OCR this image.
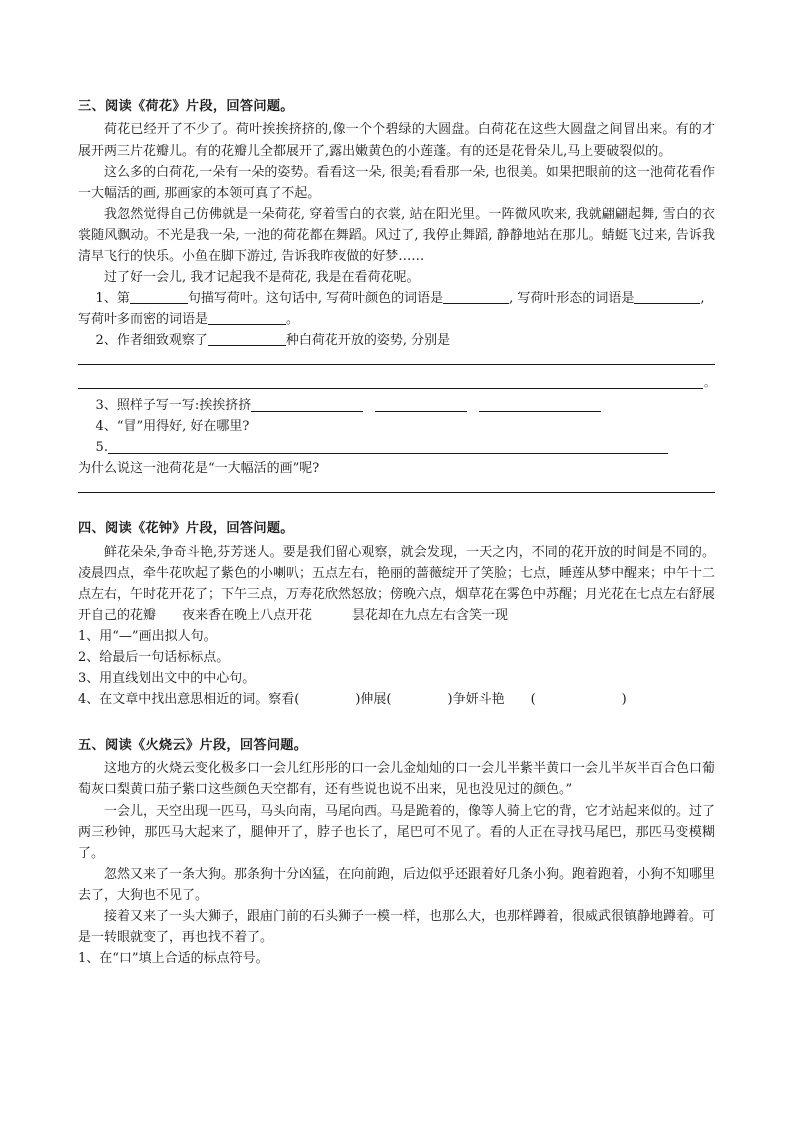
三、阅读《荷花》片段，回答问题。

荷花已经开了不少了。荷叶挨挨挤挤的,像一个个碧绿的大圆盘。白荷花在这些大圆盘之间冒出来。有的才展开两三片花瓣儿。有的花瓣儿全都展开了,露出嫩黄色的小莲蓬。有的还是花骨朵儿,马上要破裂似的。

这么多的白荷花,一朵有一朵的姿势。看看这一朵, 很美;看看那一朵, 也很美。如果把眼前的这一池荷花看作一大幅活的画, 那画家的本领可真了不起。

我忽然觉得自己仿佛就是一朵荷花, 穿着雪白的衣裳, 站在阳光里。一阵微风吹来, 我就翩翩起舞, 雪白的衣裳随风飘动。不光是我一朵, 一池的荷花都在舞蹈。风过了, 我停止舞蹈, 静静地站在那儿。蜻蜓飞过来, 告诉我清早飞行的快乐。小鱼在脚下游过, 告诉我昨夜做的好梦……

过了好一会儿, 我才记起我不是荷花, 我是在看荷花呢。

1、第	句描写荷叶。这句话中, 写荷叶颜色的词语是	, 写荷叶形态的词语是	, 写荷叶多而密的词语是	。

2、作者细致观察了	种白荷花开放的姿势, 分别是

。

3、照样子写一写:挨挨挤挤

4、“冒”用得好, 好在哪里?

5.

为什么说这一池荷花是“一大幅活的画”呢?

四、阅读《花钟》片段，回答问题。

鲜花朵朵,争奇斗艳,芬芳迷人。要是我们留心观察，就会发现，一天之内，不同的花开放的时间是不同的。凌晨四点，牵牛花吹起了紫色的小喇叭；五点左右，艳丽的蔷薇绽开了笑脸；七点，睡莲从梦中醒来；中午十二点左右，午时花开花了；下午三点，万寿花欣然怒放；傍晚六点，烟草花在雾色中苏醒；月光花在七点左右舒展开自己的花瓣 夜来香在晚上八点开花	昙花却在九点左右含笑一现

1、用“—”画出拟人句。

2、给最后一句话标标点。

3、用直线划出文中的中心句。

4、在文章中找出意思相近的词。察看(	)伸展(	)争妍斗艳 (	)

五、阅读《火烧云》片段，回答问题。

这地方的火烧云变化极多口一会儿红彤彤的口一会儿金灿灿的口一会儿半紫半黄口一会儿半灰半百合色口葡萄灰口梨黄口茄子紫口这些颜色天空都有，还有些说也说不出来，见也没见过的颜色。”

一会儿，天空出现一匹马，马头向南，马尾向西。马是跪着的，像等人骑上它的背，它才站起来似的。过了两三秒钟，那匹马大起来了，腿伸开了，脖子也长了，尾巴可不见了。看的人正在寻找马尾巴，那匹马变模糊了。

忽然又来了一条大狗。那条狗十分凶猛，在向前跑，后边似乎还跟着好几条小狗。跑着跑着，小狗不知哪里去了，大狗也不见了。

接着又来了一头大狮子，跟庙门前的石头狮子一模一样，也那么大，也那样蹲着，很威武很镇静地蹲着。可是一转眼就变了，再也找不着了。

1、在“口”填上合适的标点符号。
